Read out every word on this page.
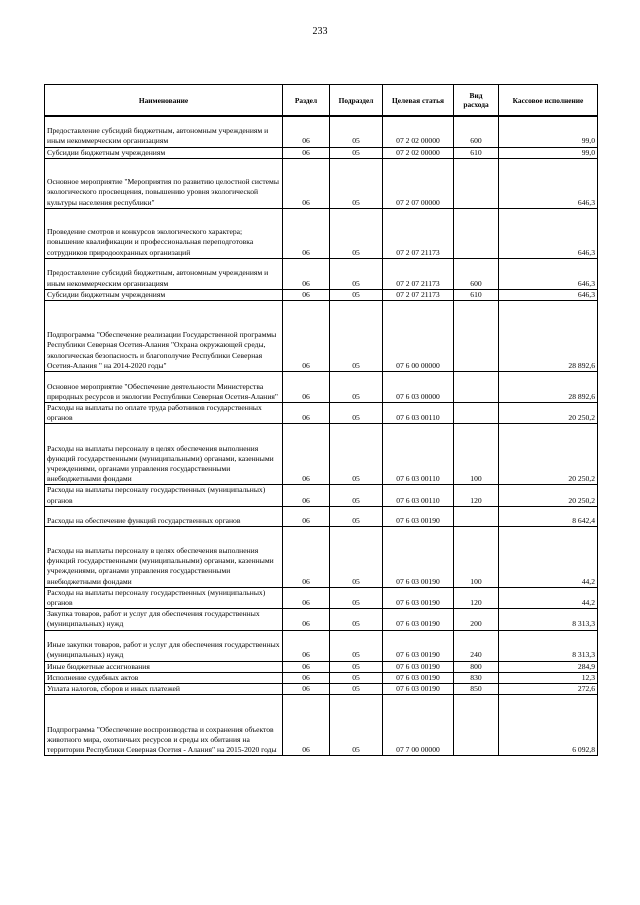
233
Наименование	Раздел	Подраздел	Целевая статья	Вид расхода	Кассовое исполнение
Предоставление субсидий бюджетным, автономным учреждениям и иным некоммерческим организациям	06	05	07 2 02 00000	600	99,0
Субсидии бюджетным учреждениям	06	05	07 2 02 00000	610	99,0
Основное мероприятие "Мероприятия по развитию целостной системы экологического просвещения, повышению уровня экологической культуры населения республики"	06	05	07 2 07 00000		646,3
Проведение смотров и конкурсов экологического характера; повышение квалификации и профессиональная переподготовка сотрудников природоохранных организаций	06	05	07 2 07 21173		646,3
Предоставление субсидий бюджетным, автономным учреждениям и иным некоммерческим организациям	06	05	07 2 07 21173	600	646,3
Субсидии бюджетным учреждениям	06	05	07 2 07 21173	610	646,3
Подпрограмма "Обеспечение реализации Государственной программы Республики Северная Осетия-Алания "Охрана окружающей среды, экологическая безопасность и благополучие Республики Северная Осетия-Алания " на 2014-2020 годы"	06	05	07 6 00 00000		28 892,6
Основное мероприятие "Обеспечение деятельности Министерства природных ресурсов и экологии Республики Северная Осетия-Алания"	06	05	07 6 03 00000		28 892,6
Расходы на выплаты по оплате труда работников государственных органов	06	05	07 6 03 00110		20 250,2
Расходы на выплаты персоналу в целях обеспечения выполнения функций государственными (муниципальными) органами, казенными учреждениями, органами управления государственными внебюджетными фондами	06	05	07 6 03 00110	100	20 250,2
Расходы на выплаты персоналу государственных (муниципальных) органов	06	05	07 6 03 00110	120	20 250,2
Расходы на обеспечение функций государственных органов	06	05	07 6 03 00190		8 642,4
Расходы на выплаты персоналу в целях обеспечения выполнения функций государственными (муниципальными) органами, казенными учреждениями, органами управления государственными внебюджетными фондами	06	05	07 6 03 00190	100	44,2
Расходы на выплаты персоналу государственных (муниципальных) органов	06	05	07 6 03 00190	120	44,2
Закупка товаров, работ и услуг для обеспечения государственных (муниципальных) нужд	06	05	07 6 03 00190	200	8 313,3
Иные закупки товаров, работ и услуг для обеспечения государственных (муниципальных) нужд	06	05	07 6 03 00190	240	8 313,3
Иные бюджетные ассигнования	06	05	07 6 03 00190	800	284,9
Исполнение судебных актов	06	05	07 6 03 00190	830	12,3
Уплата налогов, сборов и иных платежей	06	05	07 6 03 00190	850	272,6
Подпрограмма "Обеспечение воспроизводства и сохранения объектов животного мира, охотничьих ресурсов и среды их обитания на территории Республики Северная Осетия - Алания" на 2015-2020 годы	06	05	07 7 00 00000		6 092,8
